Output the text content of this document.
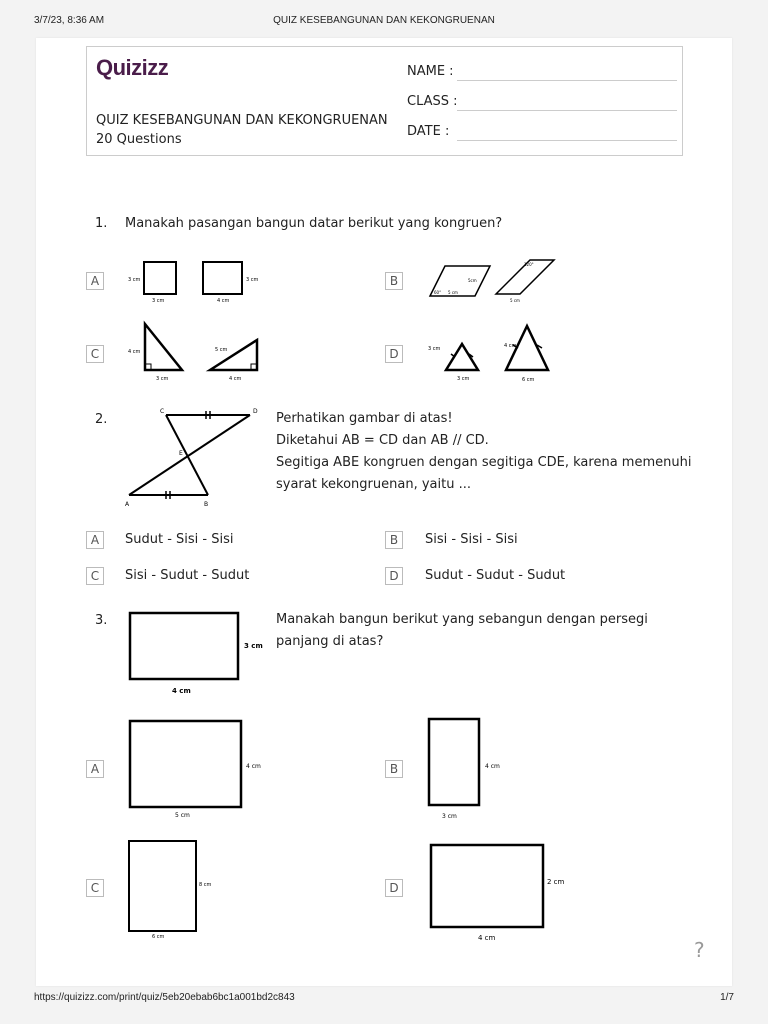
3/7/23, 8:36 AM	QUIZ KESEBANGUNAN DAN KEKONGRUENAN
Quizizz
QUIZ KESEBANGUNAN DAN KEKONGRUENAN
20 Questions
NAME :
CLASS :
DATE :
1. Manakah pasangan bangun datar berikut yang kongruen?
A	3 cm
3 cm
3 cm
4 cm
B
60°
5cm
5 cm
5 cm
120°
C	4 cm
3 cm
5 cm
4 cm
D	3 cm
3 cm
4 cm
6 cm
2.
C	D
E
A	B
Perhatikan gambar di atas!
Diketahui AB = CD dan AB // CD.
Segitiga ABE kongruen dengan segitiga CDE, karena memenuhi
syarat kekongruenan, yaitu ...
A	Sudut - Sisi - Sisi	B	Sisi - Sisi - Sisi
C	Sisi - Sudut - Sudut	D	Sudut - Sudut - Sudut
3.
3 cm
4 cm
Manakah bangun berikut yang sebangun dengan persegi
panjang di atas?
A	4 cm
5 cm
B	4 cm
3 cm
C	8 cm
6 cm
D	2 cm
4 cm	?
https://quizizz.com/print/quiz/5eb20ebab6bc1a001bd2c843	1/7
